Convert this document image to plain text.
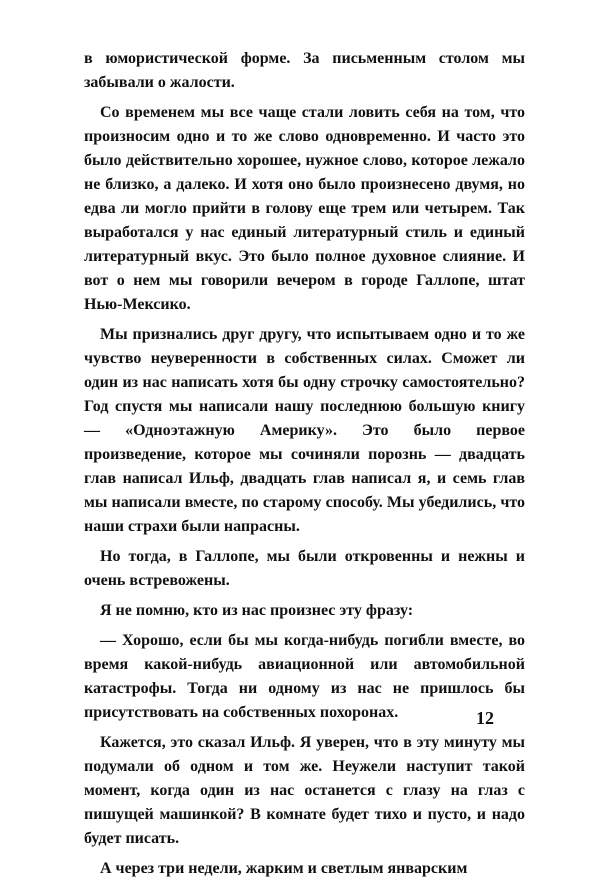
в юмористической форме. За письменным столом мы забывали о жалости.

Со временем мы все чаще стали ловить себя на том, что произносим одно и то же слово одновременно. И часто это было действительно хорошее, нужное слово, которое лежало не близко, а далеко. И хотя оно было произнесено двумя, но едва ли могло прийти в голову еще трем или четырем. Так выработался у нас единый литературный стиль и единый литературный вкус. Это было полное духовное слияние. И вот о нем мы говорили вечером в городе Галлопе, штат Нью-Мексико.

Мы признались друг другу, что испытываем одно и то же чувство неуверенности в собственных силах. Сможет ли один из нас написать хотя бы одну строчку самостоятельно? Год спустя мы написали нашу последнюю большую книгу — «Одноэтажную Америку». Это было первое произведение, которое мы сочиняли порознь — двадцать глав написал Ильф, двадцать глав написал я, и семь глав мы написали вместе, по старому способу. Мы убедились, что наши страхи были напрасны.

Но тогда, в Галлопе, мы были откровенны и нежны и очень встревожены.

Я не помню, кто из нас произнес эту фразу:

— Хорошо, если бы мы когда-нибудь погибли вместе, во время какой-нибудь авиационной или автомобильной катастрофы. Тогда ни одному из нас не пришлось бы присутствовать на собственных похоронах.

Кажется, это сказал Ильф. Я уверен, что в эту минуту мы подумали об одном и том же. Неужели наступит такой момент, когда один из нас останется с глазу на глаз с пишущей машинкой? В комнате будет тихо и пусто, и надо будет писать.

А через три недели, жарким и светлым январским

12
